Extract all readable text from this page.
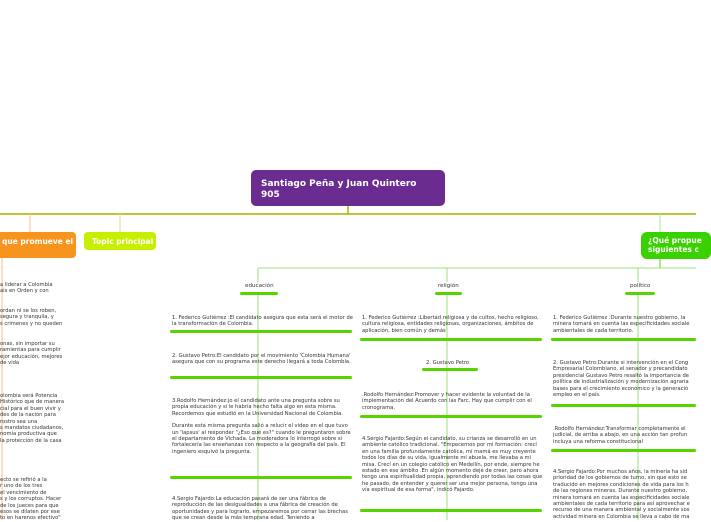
Santiago Peña y Juan Quintero 905
que promueve el	Topic principal	¿Qué propue siguientes c
a liderar a Colombia
ais en Orden y con
ordan ni se los roben,
segura y tranquila, y
s crimenes y no queden
onas, sin importar su
ramientas para cumplir
ejor educación, mejores
de vida
olombia será Potencia
Histórico que de manera
cial para el buen vivir y
des de la nación para
rostro sea una
s mandatos ciudadanos,
nomía productiva que
la protección de la casa
ecto se refirió a la
r uno de los tres
el vencimiento de
s y los corruptos. Hacer
de los jueces para que
esos se dilaten por ese
to en harenos efectivo"
educación
1. Federico Gutiérrez :El candidato asegura que esta será el motor de la transformación de Colombia.
2. Gustavo Petro:El candidato por el movimiento 'Colombia Humana' asegura que con su programa este derecho llegará a toda Colombia.

3.Rodolfo Hernández:jo el candidato ante una pregunta sobre su propia educación y si le habría hecho falta algo en esta misma. Recordemos que estudió en la Universidad Nacional de Colombia.

Durante esta misma pregunta salió a relucir el video en el que tuvo un 'lapsus' al responder "¿Eso qué es?" cuando le preguntaron sobre el departamento de Vichada. La moderadora lo interrogó sobre si fortalecería las enseñanzas con respecto a la geografía del país. El ingeniero esquivó la pregunta.

4.Sergio Fajardo:La educación pasará de ser una fábrica de reproducción de las desigualdades a una fábrica de creación de oportunidades y para lograrlo, empezaremos por cerrar las brechas que se crean desde la más temprana edad. Teniendo a
religión
1. Federico Gutiérrez :Libertad religiosa y de cultos, hecho religioso, cultura religiosa, entidades religiosas, organizaciones, ámbitos de aplicación, bien común y demás
2. Gustavo Petro
.Rodolfo Hernández:Promover y hacer evidente la voluntad de la implementación del Acuerdo con las Farc. Hay que cumplir con el cronograma.
4.Sergio Fajardo:Según el candidato, su crianza se desarrolló en un ambiente católico tradicional. "Empecemos por mi formación: crecí en una familia profundamente católica, mi mamá es muy creyente todos los días de su vida, igualmente mi abuela, me llevaba a mi misa. Crecí en un colegio católico en Medellín, por ende, siempre he estado en ese ámbito .En algún momento dejé de creer, pero ahora tengo una espiritualidad propia, aprendiendo por todas las cosas que he pasado, de entender y querer ser una mejor persona, tengo una vía espiritual de esa forma", indicó Fajardo.
político
1. Federico Gutiérrez :Durante nuestro gobierno, la minera tomará en cuenta las especificidades sociale ambientales de cada territorio.
2. Gustavo Petro:Durante si intervención en el Cong Empresarial Colombiano, el senador y precandidato presidencial Gustavo Petro resaltó la importancia de política de industrialización y modernización agraria bases para el crecimiento económico y la generació empleo en el país.
.Rodolfo Hernández:Transformar completamente el judicial, de arriba a abajo, en una acción tan profun incluya una reforma constitucional
4.Sergio Fajardo:Por muchos años, la minería ha sid prioridad de los gobiernos de turno, sin que esto se traducido en mejores condiciones de vida para los h de las regiones mineras. Durante nuestro gobierno, minera tomará en cuenta las especificidades sociale ambientales de cada territorio para así aprovechar e recurso de una manera ambiental y socialmente sos actividad minera en Colombia se lleva a cabo de ma
